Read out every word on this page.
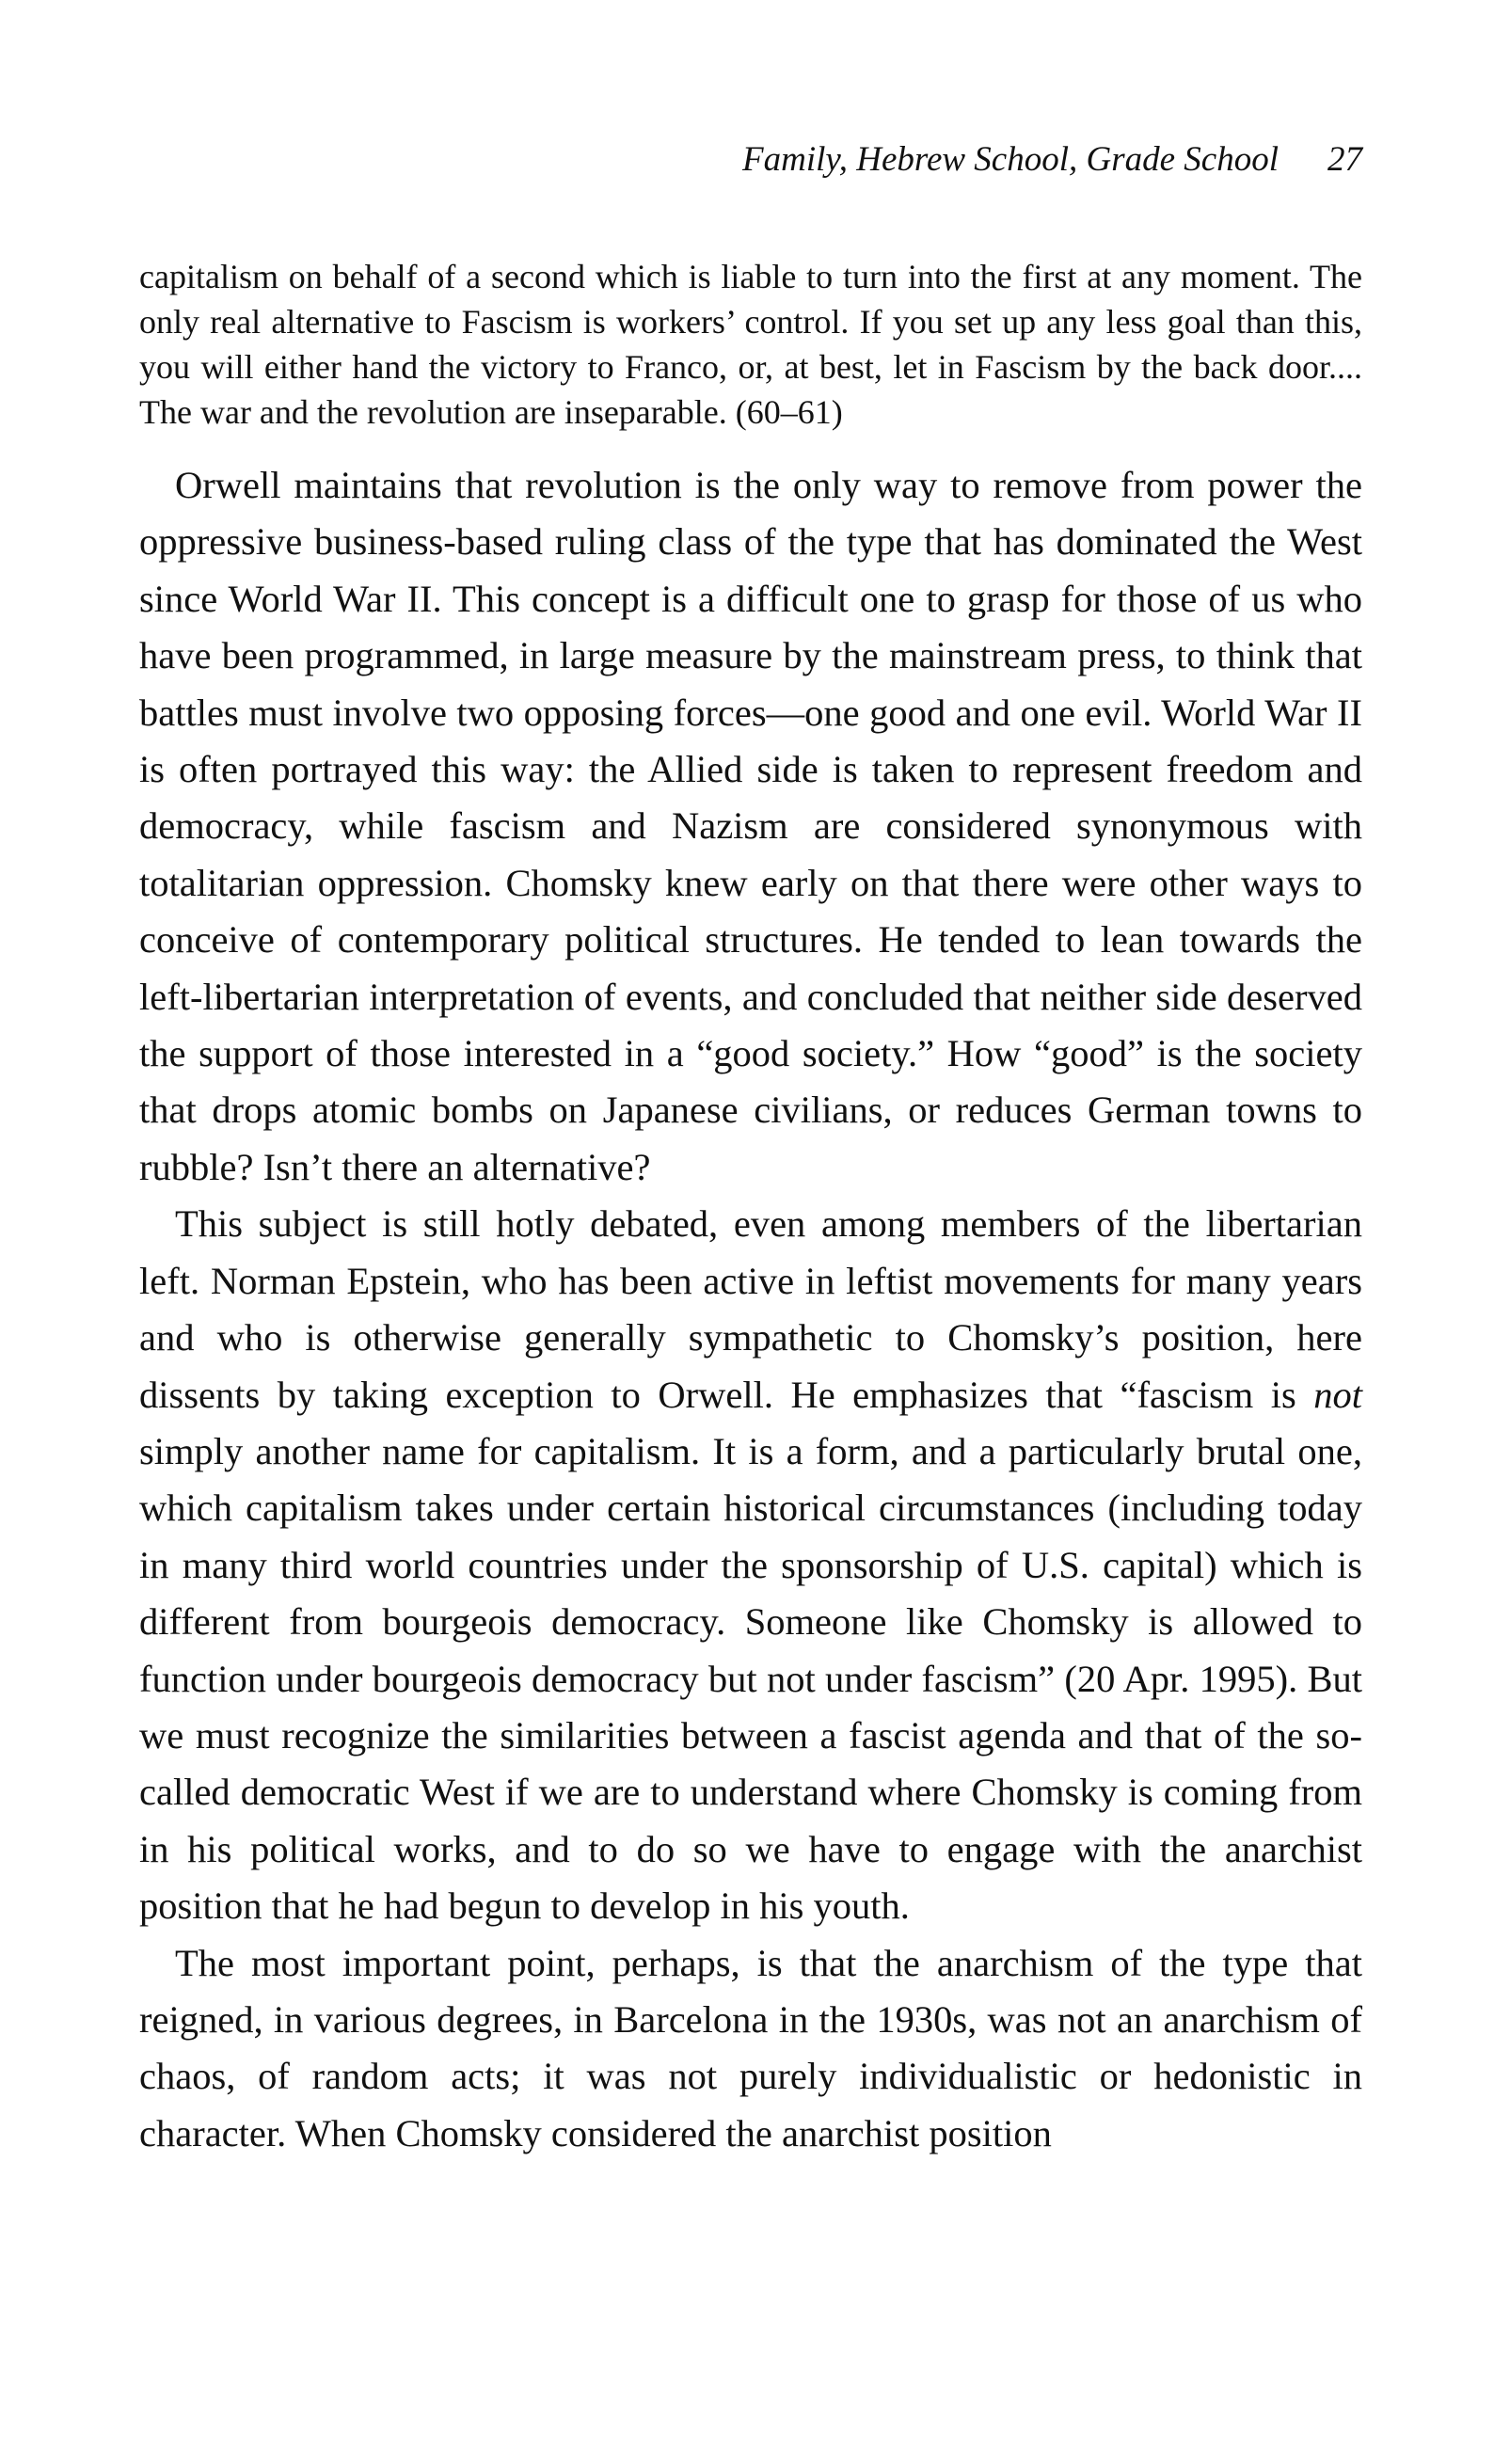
Family, Hebrew School, Grade School 27

capitalism on behalf of a second which is liable to turn into the first at any moment. The only real alternative to Fascism is workers’ control. If you set up any less goal than this, you will either hand the victory to Franco, or, at best, let in Fascism by the back door.... The war and the revolution are inseparable. (60–61)

Orwell maintains that revolution is the only way to remove from power the oppressive business-based ruling class of the type that has dominated the West since World War II. This concept is a difficult one to grasp for those of us who have been programmed, in large measure by the mainstream press, to think that battles must involve two opposing forces—one good and one evil. World War II is often portrayed this way: the Allied side is taken to represent freedom and democracy, while fascism and Nazism are considered synonymous with totalitarian oppression. Chomsky knew early on that there were other ways to conceive of contemporary political structures. He tended to lean towards the left-libertarian interpretation of events, and concluded that neither side deserved the support of those interested in a “good society.” How “good” is the society that drops atomic bombs on Japanese civilians, or reduces German towns to rubble? Isn’t there an alternative?

This subject is still hotly debated, even among members of the libertarian left. Norman Epstein, who has been active in leftist movements for many years and who is otherwise generally sympathetic to Chomsky’s position, here dissents by taking exception to Orwell. He emphasizes that “fascism is not simply another name for capitalism. It is a form, and a particularly brutal one, which capitalism takes under certain historical circumstances (including today in many third world countries under the sponsorship of U.S. capital) which is different from bourgeois democracy. Someone like Chomsky is allowed to function under bourgeois democracy but not under fascism” (20 Apr. 1995). But we must recognize the similarities between a fascist agenda and that of the so-called democratic West if we are to understand where Chomsky is coming from in his political works, and to do so we have to engage with the anarchist position that he had begun to develop in his youth.

The most important point, perhaps, is that the anarchism of the type that reigned, in various degrees, in Barcelona in the 1930s, was not an anarchism of chaos, of random acts; it was not purely individualistic or hedonistic in character. When Chomsky considered the anarchist position
